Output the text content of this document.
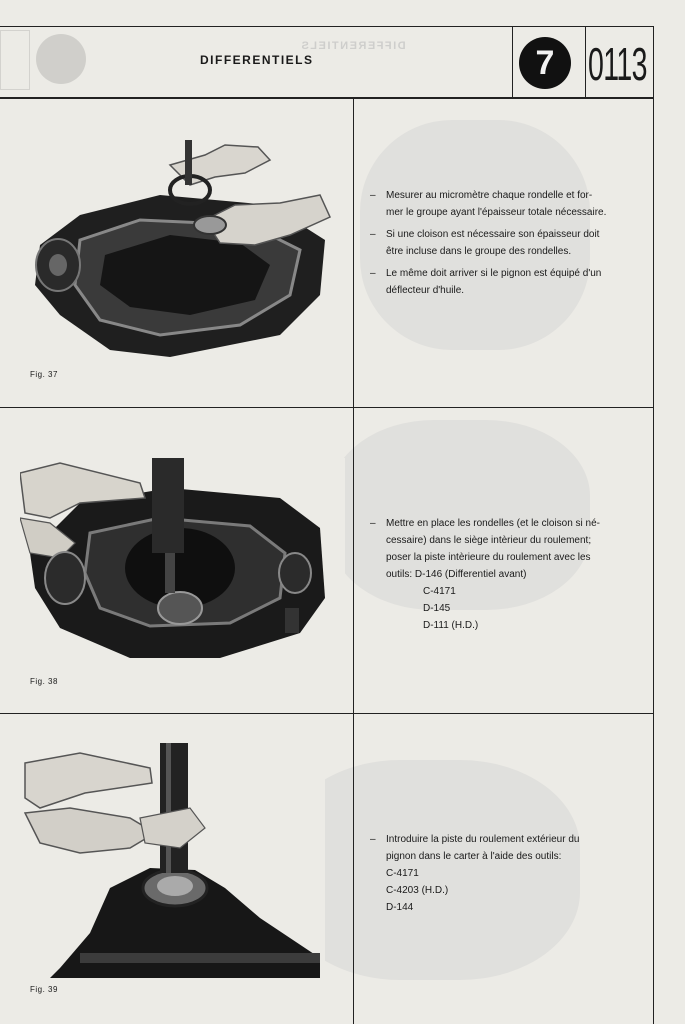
DIFFERENTIELS
DIFFERENTIELS	7 0113
Fig. 37
–	Mesurer au micromètre chaque rondelle et for-
mer le groupe ayant l'épaisseur totale nécessaire.
–	Si une cloison est nécessaire son épaisseur doit
être incluse dans le groupe des rondelles.
–	Le même doit arriver si le pignon est équipé d'un
déflecteur d'huile.
Fig. 38
–	Mettre en place les rondelles (et le cloison si né-
cessaire) dans le siège intèrieur du roulement;
poser la piste intèrieure du roulement avec les
outils: D-146 (Differentiel avant)
C-4171
D-145
D-111 (H.D.)
Fig. 39
–	Introduire la piste du roulement extérieur du
pignon dans le carter à l'aide des outils:
C-4171
C-4203 (H.D.)
D-144
